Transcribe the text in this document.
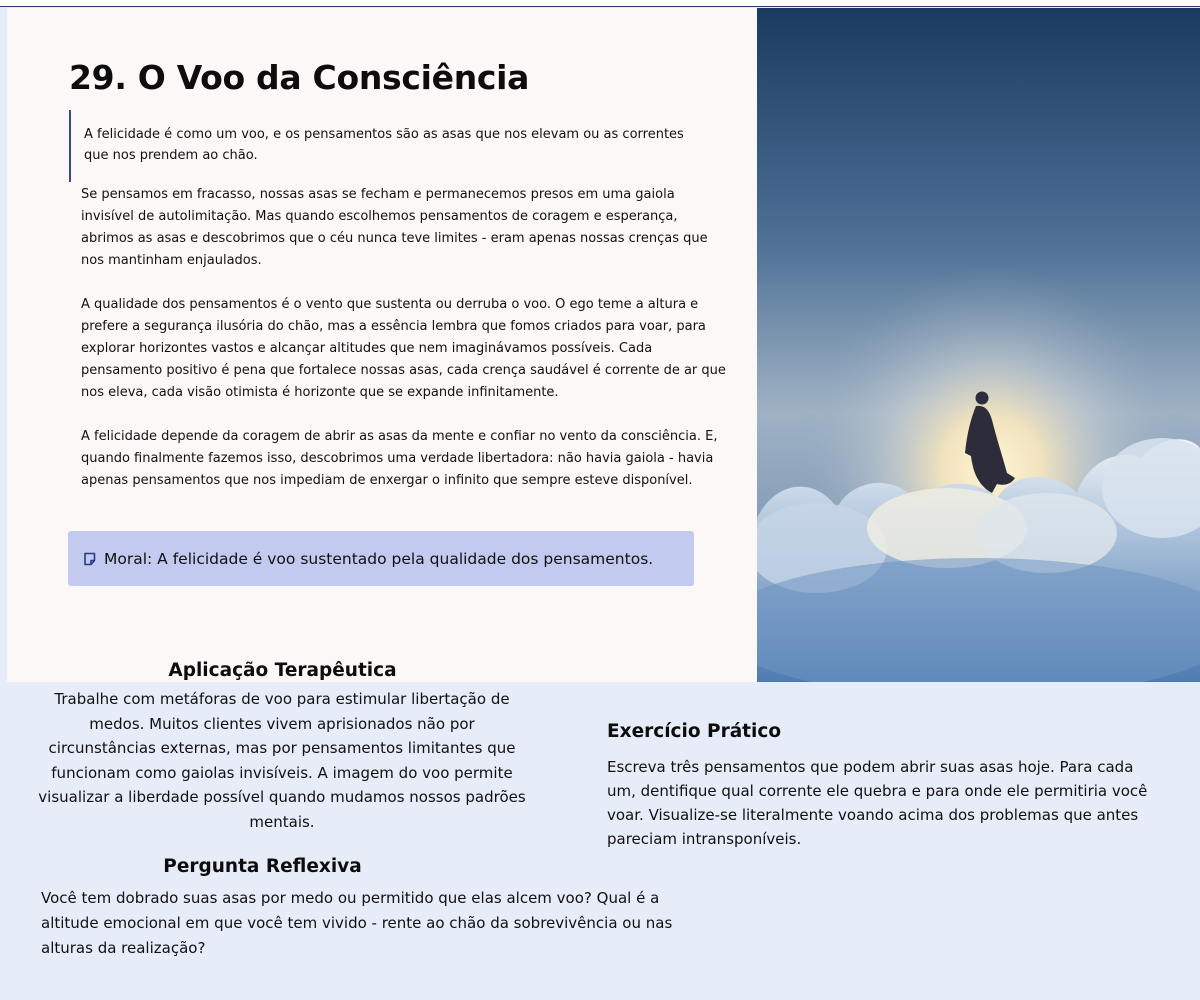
29. O Voo da Consciência

A felicidade é como um voo, e os pensamentos são as asas que nos elevam ou as correntes que nos prendem ao chão.

Se pensamos em fracasso, nossas asas se fecham e permanecemos presos em uma gaiola invisível de autolimitação. Mas quando escolhemos pensamentos de coragem e esperança, abrimos as asas e descobrimos que o céu nunca teve limites - eram apenas nossas crenças que nos mantinham enjaulados.

A qualidade dos pensamentos é o vento que sustenta ou derruba o voo. O ego teme a altura e prefere a segurança ilusória do chão, mas a essência lembra que fomos criados para voar, para explorar horizontes vastos e alcançar altitudes que nem imaginávamos possíveis. Cada pensamento positivo é pena que fortalece nossas asas, cada crença saudável é corrente de ar que nos eleva, cada visão otimista é horizonte que se expande infinitamente.

A felicidade depende da coragem de abrir as asas da mente e confiar no vento da consciência. E, quando finalmente fazemos isso, descobrimos uma verdade libertadora: não havia gaiola - havia apenas pensamentos que nos impediam de enxergar o infinito que sempre esteve disponível.

Moral: A felicidade é voo sustentado pela qualidade dos pensamentos.
Aplicação Terapêutica

Trabalhe com metáforas de voo para estimular libertação de medos. Muitos clientes vivem aprisionados não por circunstâncias externas, mas por pensamentos limitantes que funcionam como gaiolas invisíveis. A imagem do voo permite visualizar a liberdade possível quando mudamos nossos padrões mentais.

Exercício Prático

Escreva três pensamentos que podem abrir suas asas hoje. Para cada um, dentifique qual corrente ele quebra e para onde ele permitiria você voar. Visualize-se literalmente voando acima dos problemas que antes pareciam intransponíveis.

Pergunta Reflexiva

Você tem dobrado suas asas por medo ou permitido que elas alcem voo? Qual é a altitude emocional em que você tem vivido - rente ao chão da sobrevivência ou nas alturas da realização?
